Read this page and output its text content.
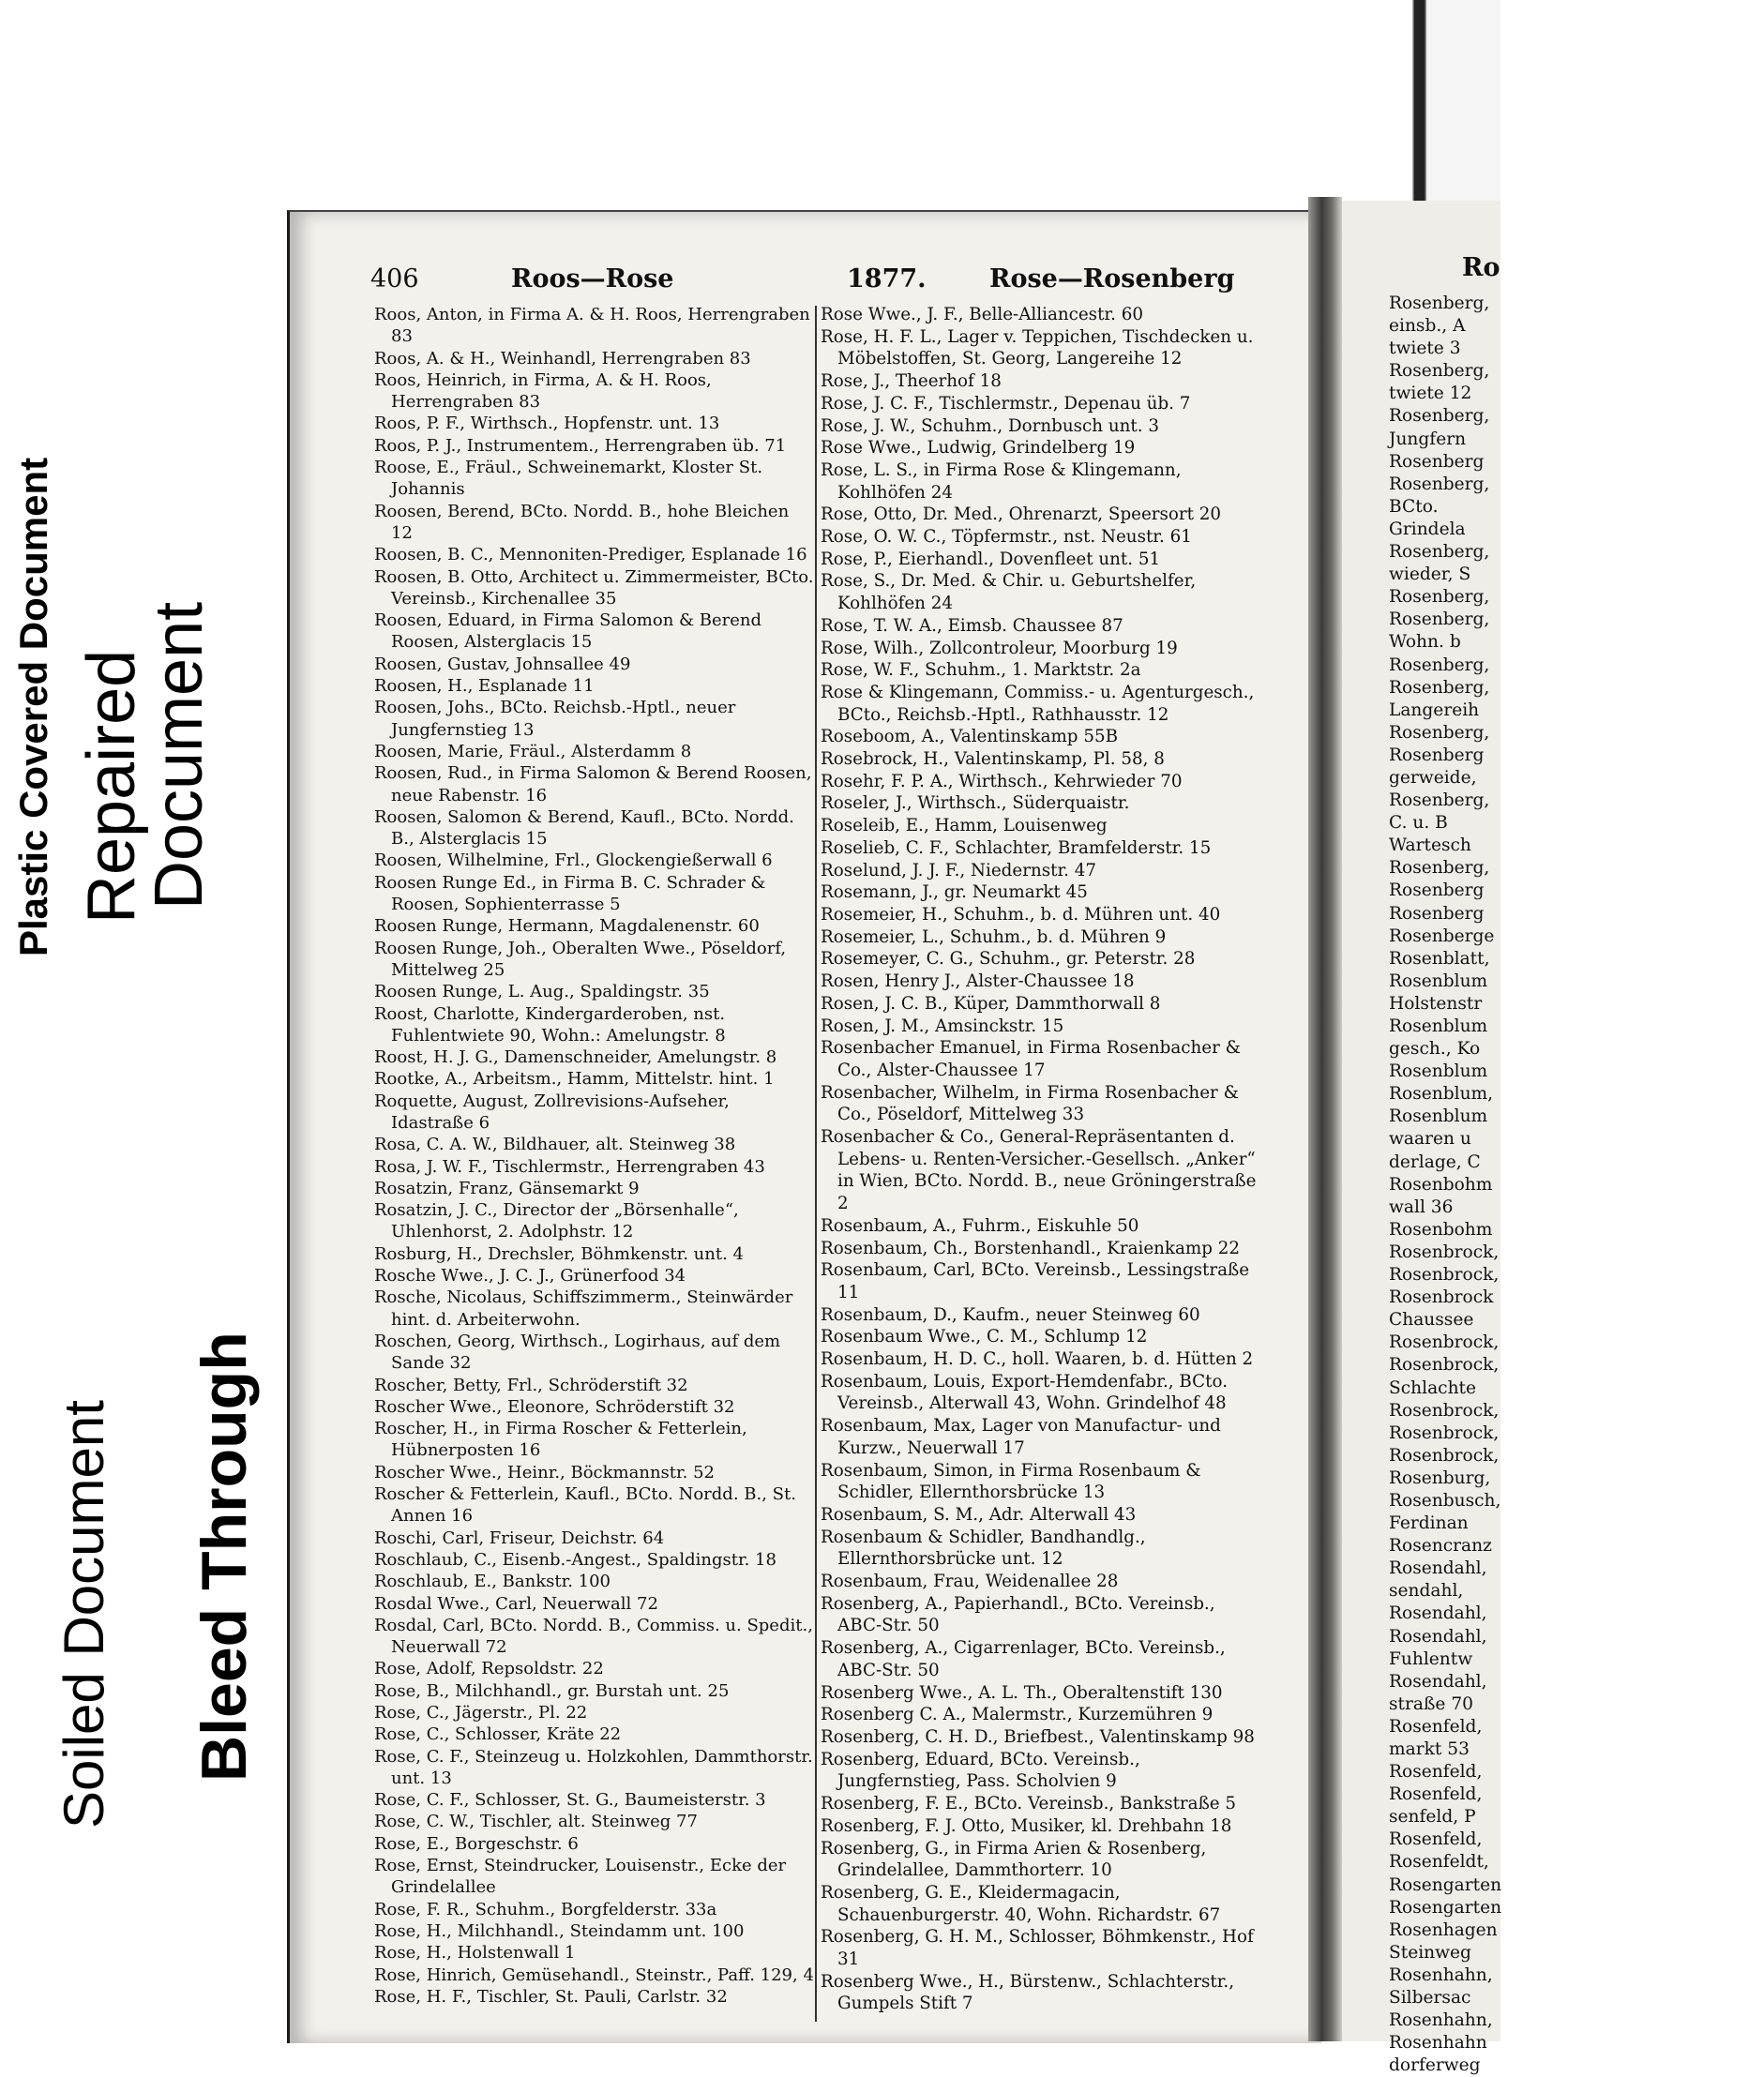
Plastic Covered Document Repaired
Document
Soiled Document Bleed Through
406	Roos—Rose	1877. Rose—Rosenberg
Roos, Anton, in Firma A. & H. Roos, Herrengraben 83
Roos, A. & H., Weinhandl, Herrengraben 83
Roos, Heinrich, in Firma, A. & H. Roos, Herrengraben 83
Roos, P. F., Wirthsch., Hopfenstr. unt. 13
Roos, P. J., Instrumentem., Herrengraben üb. 71
Roose, E., Fräul., Schweinemarkt, Kloster St. Johannis
Roosen, Berend, BCto. Nordd. B., hohe Bleichen 12
Roosen, B. C., Mennoniten-Prediger, Esplanade 16
Roosen, B. Otto, Architect u. Zimmermeister, BCto. Vereinsb., Kirchenallee 35
Roosen, Eduard, in Firma Salomon & Berend Roosen, Alsterglacis 15
Roosen, Gustav, Johnsallee 49
Roosen, H., Esplanade 11
Roosen, Johs., BCto. Reichsb.-Hptl., neuer Jungfernstieg 13
Roosen, Marie, Fräul., Alsterdamm 8
Roosen, Rud., in Firma Salomon & Berend Roosen, neue Rabenstr. 16
Roosen, Salomon & Berend, Kaufl., BCto. Nordd. B., Alsterglacis 15
Roosen, Wilhelmine, Frl., Glockengießerwall 6
Roosen Runge Ed., in Firma B. C. Schrader & Roosen, Sophienterrasse 5
Roosen Runge, Hermann, Magdalenenstr. 60
Roosen Runge, Joh., Oberalten Wwe., Pöseldorf, Mittelweg 25
Roosen Runge, L. Aug., Spaldingstr. 35
Roost, Charlotte, Kindergarderoben, nst. Fuhlentwiete 90, Wohn.: Amelungstr. 8
Roost, H. J. G., Damenschneider, Amelungstr. 8
Rootke, A., Arbeitsm., Hamm, Mittelstr. hint. 1
Roquette, August, Zollrevisions-Aufseher, Idastraße 6
Rosa, C. A. W., Bildhauer, alt. Steinweg 38
Rosa, J. W. F., Tischlermstr., Herrengraben 43
Rosatzin, Franz, Gänsemarkt 9
Rosatzin, J. C., Director der „Börsenhalle“, Uhlenhorst, 2. Adolphstr. 12
Rosburg, H., Drechsler, Böhmkenstr. unt. 4
Rosche Wwe., J. C. J., Grünerfood 34
Rosche, Nicolaus, Schiffszimmerm., Steinwärder hint. d. Arbeiterwohn.
Roschen, Georg, Wirthsch., Logirhaus, auf dem Sande 32
Roscher, Betty, Frl., Schröderstift 32
Roscher Wwe., Eleonore, Schröderstift 32
Roscher, H., in Firma Roscher & Fetterlein, Hübnerposten 16
Roscher Wwe., Heinr., Böckmannstr. 52
Roscher & Fetterlein, Kaufl., BCto. Nordd. B., St. Annen 16
Roschi, Carl, Friseur, Deichstr. 64
Roschlaub, C., Eisenb.-Angest., Spaldingstr. 18
Roschlaub, E., Bankstr. 100
Rosdal Wwe., Carl, Neuerwall 72
Rosdal, Carl, BCto. Nordd. B., Commiss. u. Spedit., Neuerwall 72
Rose, Adolf, Repsoldstr. 22
Rose, B., Milchhandl., gr. Burstah unt. 25
Rose, C., Jägerstr., Pl. 22
Rose, C., Schlosser, Kräte 22
Rose, C. F., Steinzeug u. Holzkohlen, Dammthorstr. unt. 13
Rose, C. F., Schlosser, St. G., Baumeisterstr. 3
Rose, C. W., Tischler, alt. Steinweg 77
Rose, E., Borgeschstr. 6
Rose, Ernst, Steindrucker, Louisenstr., Ecke der Grindelallee
Rose, F. R., Schuhm., Borgfelderstr. 33a
Rose, H., Milchhandl., Steindamm unt. 100
Rose, H., Holstenwall 1
Rose, Hinrich, Gemüsehandl., Steinstr., Paff. 129, 4
Rose, H. F., Tischler, St. Pauli, Carlstr. 32
Rose Wwe., J. F., Belle-Alliancestr. 60
Rose, H. F. L., Lager v. Teppichen, Tischdecken u. Möbelstoffen, St. Georg, Langereihe 12
Rose, J., Theerhof 18
Rose, J. C. F., Tischlermstr., Depenau üb. 7
Rose, J. W., Schuhm., Dornbusch unt. 3
Rose Wwe., Ludwig, Grindelberg 19
Rose, L. S., in Firma Rose & Klingemann, Kohlhöfen 24
Rose, Otto, Dr. Med., Ohrenarzt, Speersort 20
Rose, O. W. C., Töpfermstr., nst. Neustr. 61
Rose, P., Eierhandl., Dovenfleet unt. 51
Rose, S., Dr. Med. & Chir. u. Geburtshelfer, Kohlhöfen 24
Rose, T. W. A., Eimsb. Chaussee 87
Rose, Wilh., Zollcontroleur, Moorburg 19
Rose, W. F., Schuhm., 1. Marktstr. 2a
Rose & Klingemann, Commiss.- u. Agenturgesch., BCto., Reichsb.-Hptl., Rathhausstr. 12
Roseboom, A., Valentinskamp 55B
Rosebrock, H., Valentinskamp, Pl. 58, 8
Rosehr, F. P. A., Wirthsch., Kehrwieder 70
Roseler, J., Wirthsch., Süderquaistr.
Roseleib, E., Hamm, Louisenweg
Roselieb, C. F., Schlachter, Bramfelderstr. 15
Roselund, J. J. F., Niedernstr. 47
Rosemann, J., gr. Neumarkt 45
Rosemeier, H., Schuhm., b. d. Mühren unt. 40
Rosemeier, L., Schuhm., b. d. Mühren 9
Rosemeyer, C. G., Schuhm., gr. Peterstr. 28
Rosen, Henry J., Alster-Chaussee 18
Rosen, J. C. B., Küper, Dammthorwall 8
Rosen, J. M., Amsinckstr. 15
Rosenbacher Emanuel, in Firma Rosenbacher & Co., Alster-Chaussee 17
Rosenbacher, Wilhelm, in Firma Rosenbacher & Co., Pöseldorf, Mittelweg 33
Rosenbacher & Co., General-Repräsentanten d. Lebens- u. Renten-Versicher.-Gesellsch. „Anker“ in Wien, BCto. Nordd. B., neue Gröningerstraße 2
Rosenbaum, A., Fuhrm., Eiskuhle 50
Rosenbaum, Ch., Borstenhandl., Kraienkamp 22
Rosenbaum, Carl, BCto. Vereinsb., Lessingstraße 11
Rosenbaum, D., Kaufm., neuer Steinweg 60
Rosenbaum Wwe., C. M., Schlump 12
Rosenbaum, H. D. C., holl. Waaren, b. d. Hütten 2
Rosenbaum, Louis, Export-Hemdenfabr., BCto. Vereinsb., Alterwall 43, Wohn. Grindelhof 48
Rosenbaum, Max, Lager von Manufactur- und Kurzw., Neuerwall 17
Rosenbaum, Simon, in Firma Rosenbaum & Schidler, Ellernthorsbrücke 13
Rosenbaum, S. M., Adr. Alterwall 43
Rosenbaum & Schidler, Bandhandlg., Ellernthorsbrücke unt. 12
Rosenbaum, Frau, Weidenallee 28
Rosenberg, A., Papierhandl., BCto. Vereinsb., ABC-Str. 50
Rosenberg, A., Cigarrenlager, BCto. Vereinsb., ABC-Str. 50
Rosenberg Wwe., A. L. Th., Oberaltenstift 130
Rosenberg C. A., Malermstr., Kurzemühren 9
Rosenberg, C. H. D., Briefbest., Valentinskamp 98
Rosenberg, Eduard, BCto. Vereinsb., Jungfernstieg, Pass. Scholvien 9
Rosenberg, F. E., BCto. Vereinsb., Bankstraße 5
Rosenberg, F. J. Otto, Musiker, kl. Drehbahn 18
Rosenberg, G., in Firma Arien & Rosenberg, Grindelallee, Dammthorterr. 10
Rosenberg, G. E., Kleidermagacin, Schauenburgerstr. 40, Wohn. Richardstr. 67
Rosenberg, G. H. M., Schlosser, Böhmkenstr., Hof 31
Rosenberg Wwe., H., Bürstenw., Schlachterstr., Gumpels Stift 7
Ro
Rosenberg,
einsb., A
twiete 3
Rosenberg,
twiete 12
Rosenberg,
Jungfern
Rosenberg
Rosenberg,
BCto.
Grindela
Rosenberg,
wieder, S
Rosenberg,
Rosenberg,
Wohn. b
Rosenberg,
Rosenberg,
Langereih
Rosenberg,
Rosenberg
gerweide,
Rosenberg,
C. u. B
Wartesch
Rosenberg,
Rosenberg
Rosenberg
Rosenberge
Rosenblatt,
Rosenblum
Holstenstr
Rosenblum
gesch., Ko
Rosenblum
Rosenblum,
Rosenblum
waaren u
derlage, C
Rosenbohm
wall 36
Rosenbohm
Rosenbrock,
Rosenbrock,
Rosenbrock
Chaussee
Rosenbrock,
Rosenbrock,
Schlachte
Rosenbrock,
Rosenbrock,
Rosenbrock,
Rosenburg,
Rosenbusch,
Ferdinan
Rosencranz
Rosendahl,
sendahl,
Rosendahl,
Rosendahl,
Fuhlentw
Rosendahl,
straße 70
Rosenfeld,
markt 53
Rosenfeld,
Rosenfeld,
senfeld, P
Rosenfeld,
Rosenfeldt,
Rosengarten
Rosengarten
Rosenhagen
Steinweg
Rosenhahn,
Silbersac
Rosenhahn,
Rosenhahn
dorferweg
